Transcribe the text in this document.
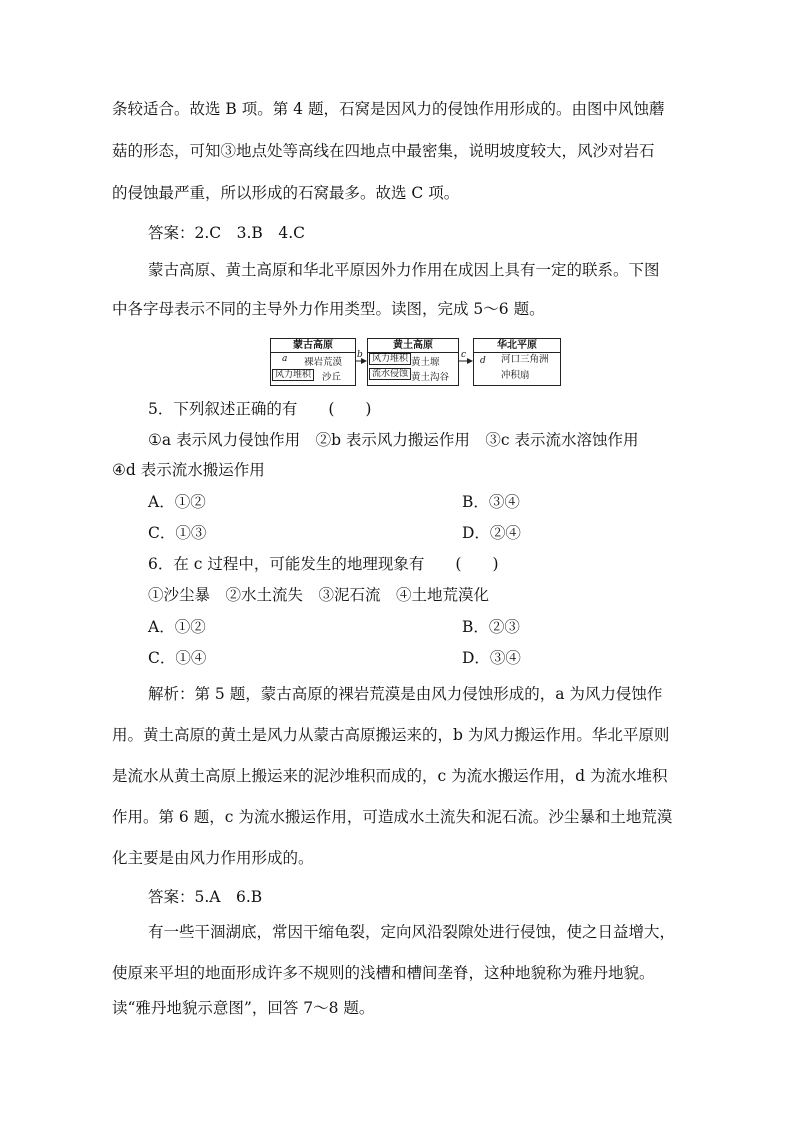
条较适合。故选 B 项。第 4 题，石窝是因风力的侵蚀作用形成的。由图中风蚀蘑
菇的形态，可知③地点处等高线在四地点中最密集，说明坡度较大，风沙对岩石
的侵蚀最严重，所以形成的石窝最多。故选 C 项。
答案：2.C　3.B　4.C
蒙古高原、黄土高原和华北平原因外力作用在成因上具有一定的联系。下图
中各字母表示不同的主导外力作用类型。读图，完成 5～6 题。
蒙古高原
a 裸岩荒漠
风力堆积	沙丘
b
黄土高原
风力堆积 黄土塬
流水侵蚀 黄土沟谷
c
华北平原
d 河口三角洲
冲积扇
5．下列叙述正确的有　　(　　)
①a 表示风力侵蚀作用　②b 表示风力搬运作用　③c 表示流水溶蚀作用
④d 表示流水搬运作用
A．①②	B．③④
C．①③	D．②④
6．在 c 过程中，可能发生的地理现象有　　(　　)
①沙尘暴　②水土流失　③泥石流　④土地荒漠化
A．①②	B．②③
C．①④	D．③④
解析：第 5 题，蒙古高原的裸岩荒漠是由风力侵蚀形成的，a 为风力侵蚀作
用。黄土高原的黄土是风力从蒙古高原搬运来的，b 为风力搬运作用。华北平原则
是流水从黄土高原上搬运来的泥沙堆积而成的，c 为流水搬运作用，d 为流水堆积
作用。第 6 题，c 为流水搬运作用，可造成水土流失和泥石流。沙尘暴和土地荒漠
化主要是由风力作用形成的。
答案：5.A　6.B
有一些干涸湖底，常因干缩龟裂，定向风沿裂隙处进行侵蚀，使之日益增大，
使原来平坦的地面形成许多不规则的浅槽和槽间垄脊，这种地貌称为雅丹地貌。
读“雅丹地貌示意图”，回答 7～8 题。
